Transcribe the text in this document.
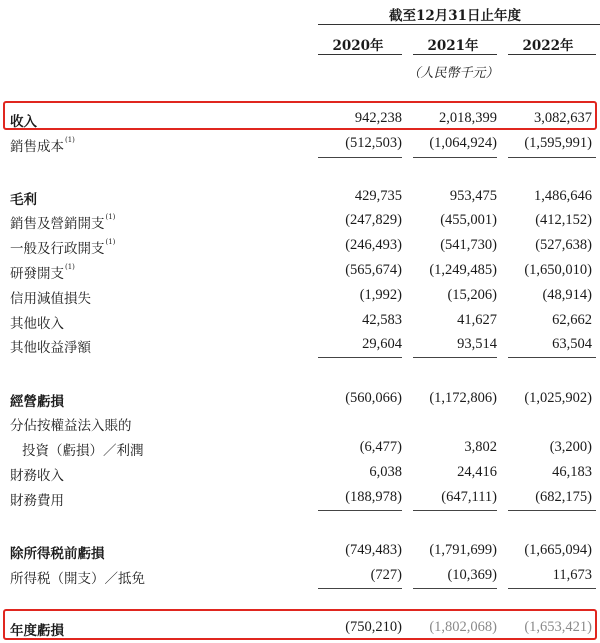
截至12月31日止年度
2020年	2021年	2022年
（人民幣千元）
收入	942,238	2,018,399	3,082,637
銷售成本$^{(1)}$	(512,503)	(1,064,924)	(1,595,991)
毛利	429,735	953,475	1,486,646
銷售及營銷開支$^{(1)}$	(247,829)	(455,001)	(412,152)
一般及行政開支$^{(1)}$	(246,493)	(541,730)	(527,638)
研發開支$^{(1)}$	(565,674)	(1,249,485)	(1,650,010)
信用減值損失	(1,992)	(15,206)	(48,914)
其他收入	42,583	41,627	62,662
其他收益淨額	29,604	93,514	63,504
經營虧損	(560,066)	(1,172,806)	(1,025,902)
分佔按權益法入賬的
投資（虧損）／利潤	(6,477)	3,802	(3,200)
財務收入	6,038	24,416	46,183
財務費用	(188,978)	(647,111)	(682,175)
除所得税前虧損	(749,483)	(1,791,699)	(1,665,094)
所得税（開支）／抵免	(727)	(10,369)	11,673
年度虧損	(750,210)	(1,802,068)	(1,653,421)
